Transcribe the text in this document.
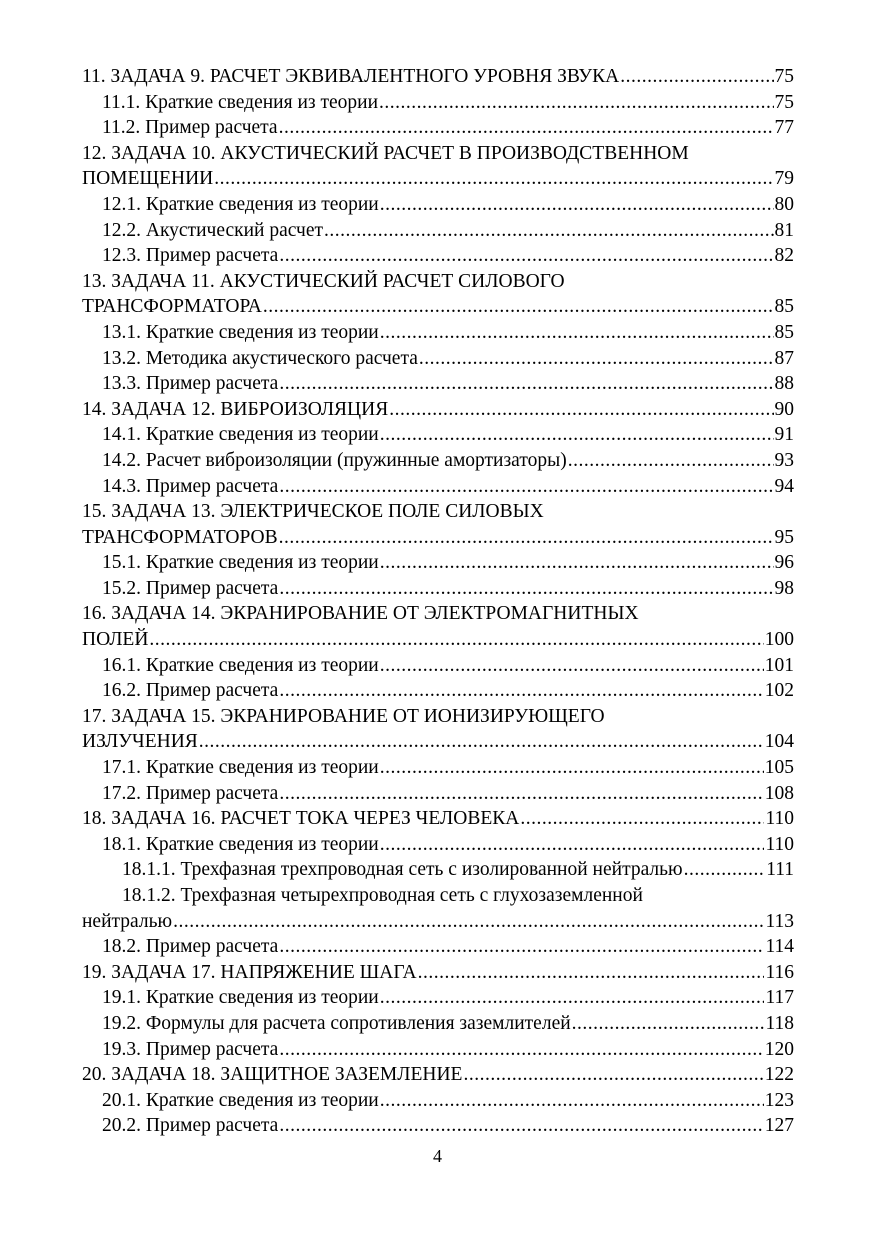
11. ЗАДАЧА 9. РАСЧЕТ ЭКВИВАЛЕНТНОГО УРОВНЯ ЗВУКА .....	75
11.1. Краткие сведения из теории .....	75
11.2. Пример расчета .....	77
12. ЗАДАЧА 10. АКУСТИЧЕСКИЙ РАСЧЕТ В ПРОИЗВОДСТВЕННОМ
ПОМЕЩЕНИИ .....	79
12.1. Краткие сведения из теории .....	80
12.2. Акустический расчет .....	81
12.3. Пример расчета .....	82
13. ЗАДАЧА 11. АКУСТИЧЕСКИЙ РАСЧЕТ СИЛОВОГО
ТРАНСФОРМАТОРА .....	85
13.1. Краткие сведения из теории .....	85
13.2. Методика акустического расчета .....	87
13.3. Пример расчета .....	88
14. ЗАДАЧА 12. ВИБРОИЗОЛЯЦИЯ .....	90
14.1. Краткие сведения из теории .....	91
14.2. Расчет виброизоляции (пружинные амортизаторы) .....	93
14.3. Пример расчета .....	94
15. ЗАДАЧА 13. ЭЛЕКТРИЧЕСКОЕ ПОЛЕ СИЛОВЫХ
ТРАНСФОРМАТОРОВ .....	95
15.1. Краткие сведения из теории .....	96
15.2. Пример расчета .....	98
16. ЗАДАЧА 14. ЭКРАНИРОВАНИЕ ОТ ЭЛЕКТРОМАГНИТНЫХ
ПОЛЕЙ .....	100
16.1. Краткие сведения из теории .....	101
16.2. Пример расчета .....	102
17. ЗАДАЧА 15. ЭКРАНИРОВАНИЕ ОТ ИОНИЗИРУЮЩЕГО
ИЗЛУЧЕНИЯ .....	104
17.1. Краткие сведения из теории .....	105
17.2. Пример расчета .....	108
18. ЗАДАЧА 16. РАСЧЕТ ТОКА ЧЕРЕЗ ЧЕЛОВЕКА .....	110
18.1. Краткие сведения из теории .....	110
18.1.1. Трехфазная трехпроводная сеть с изолированной нейтралью .....	111
18.1.2. Трехфазная четырехпроводная сеть с глухозаземленной
нейтралью .....	113
18.2. Пример расчета .....	114
19. ЗАДАЧА 17. НАПРЯЖЕНИЕ ШАГА .....	116
19.1. Краткие сведения из теории .....	117
19.2. Формулы для расчета сопротивления заземлителей .....	118
19.3. Пример расчета .....	120
20. ЗАДАЧА 18. ЗАЩИТНОЕ ЗАЗЕМЛЕНИЕ .....	122
20.1. Краткие сведения из теории .....	123
20.2. Пример расчета .....	127
4
